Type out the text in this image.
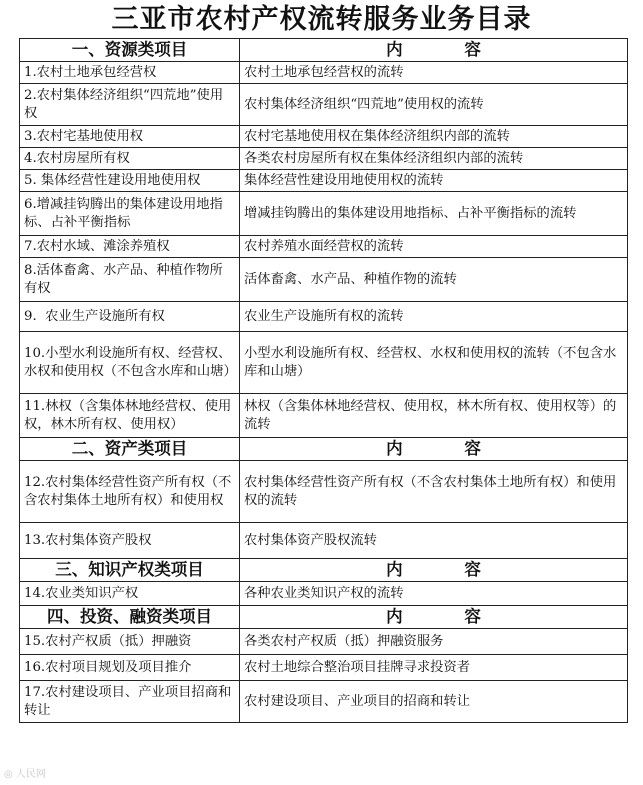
三亚市农村产权流转服务业务目录
一、资源类项目	内 容
1.农村土地承包经营权	农村土地承包经营权的流转
2.农村集体经济组织“四荒地”使用权	农村集体经济组织“四荒地”使用权的流转
3.农村宅基地使用权	农村宅基地使用权在集体经济组织内部的流转
4.农村房屋所有权	各类农村房屋所有权在集体经济组织内部的流转
5. 集体经营性建设用地使用权	集体经营性建设用地使用权的流转
6.增减挂钩腾出的集体建设用地指标、占补平衡指标	增减挂钩腾出的集体建设用地指标、占补平衡指标的流转
7.农村水域、滩涂养殖权	农村养殖水面经营权的流转
8.活体畜禽、水产品、种植作物所有权	活体畜禽、水产品、种植作物的流转
9.  农业生产设施所有权	农业生产设施所有权的流转
10.小型水利设施所有权、经营权、水权和使用权（不包含水库和山塘）	小型水利设施所有权、经营权、水权和使用权的流转（不包含水库和山塘）
11.林权（含集体林地经营权、使用权，林木所有权、使用权）	林权（含集体林地经营权、使用权，林木所有权、使用权等）的流转
二、资产类项目	内 容
12.农村集体经营性资产所有权（不含农村集体土地所有权）和使用权	农村集体经营性资产所有权（不含农村集体土地所有权）和使用权的流转
13.农村集体资产股权	农村集体资产股权流转
三、知识产权类项目	内 容
14.农业类知识产权	各种农业类知识产权的流转
四、投资、融资类项目	内 容
15.农村产权质（抵）押融资	各类农村产权质（抵）押融资服务
16.农村项目规划及项目推介	农村土地综合整治项目挂牌寻求投资者
17.农村建设项目、产业项目招商和转让	农村建设项目、产业项目的招商和转让
◎ 人民网
